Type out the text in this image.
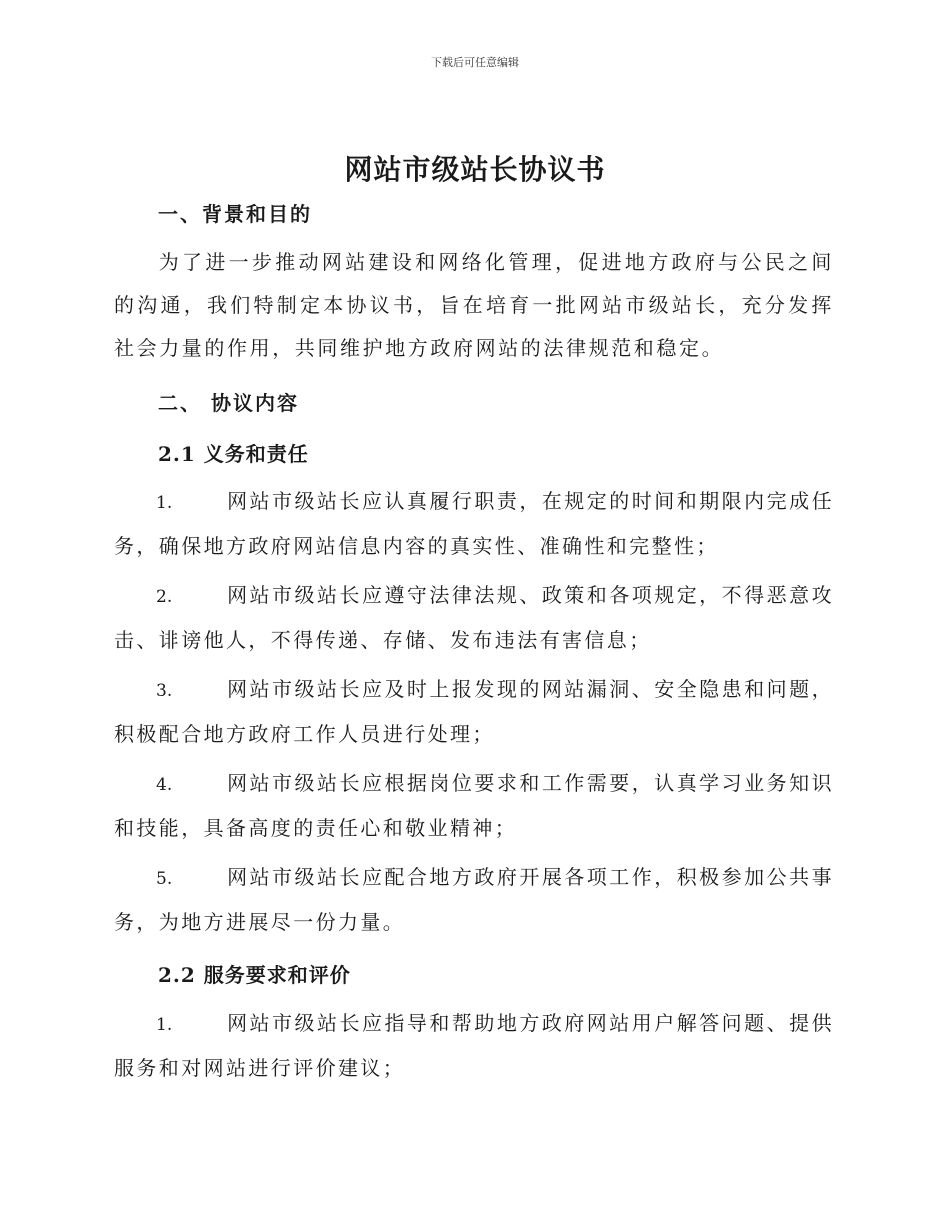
下载后可任意编辑
网站市级站长协议书
一、背景和目的
为了进一步推动网站建设和网络化管理，促进地方政府与公民之间的沟通，我们特制定本协议书，旨在培育一批网站市级站长，充分发挥社会力量的作用，共同维护地方政府网站的法律规范和稳定。
二、 协议内容
2.1 义务和责任
1.	网站市级站长应认真履行职责，在规定的时间和期限内完成任务，确保地方政府网站信息内容的真实性、准确性和完整性；
2.	网站市级站长应遵守法律法规、政策和各项规定，不得恶意攻击、诽谤他人，不得传递、存储、发布违法有害信息；
3.	网站市级站长应及时上报发现的网站漏洞、安全隐患和问题，积极配合地方政府工作人员进行处理；
4.	网站市级站长应根据岗位要求和工作需要，认真学习业务知识和技能，具备高度的责任心和敬业精神；
5.	网站市级站长应配合地方政府开展各项工作，积极参加公共事务，为地方进展尽一份力量。
2.2 服务要求和评价
1.	网站市级站长应指导和帮助地方政府网站用户解答问题、提供服务和对网站进行评价建议；
